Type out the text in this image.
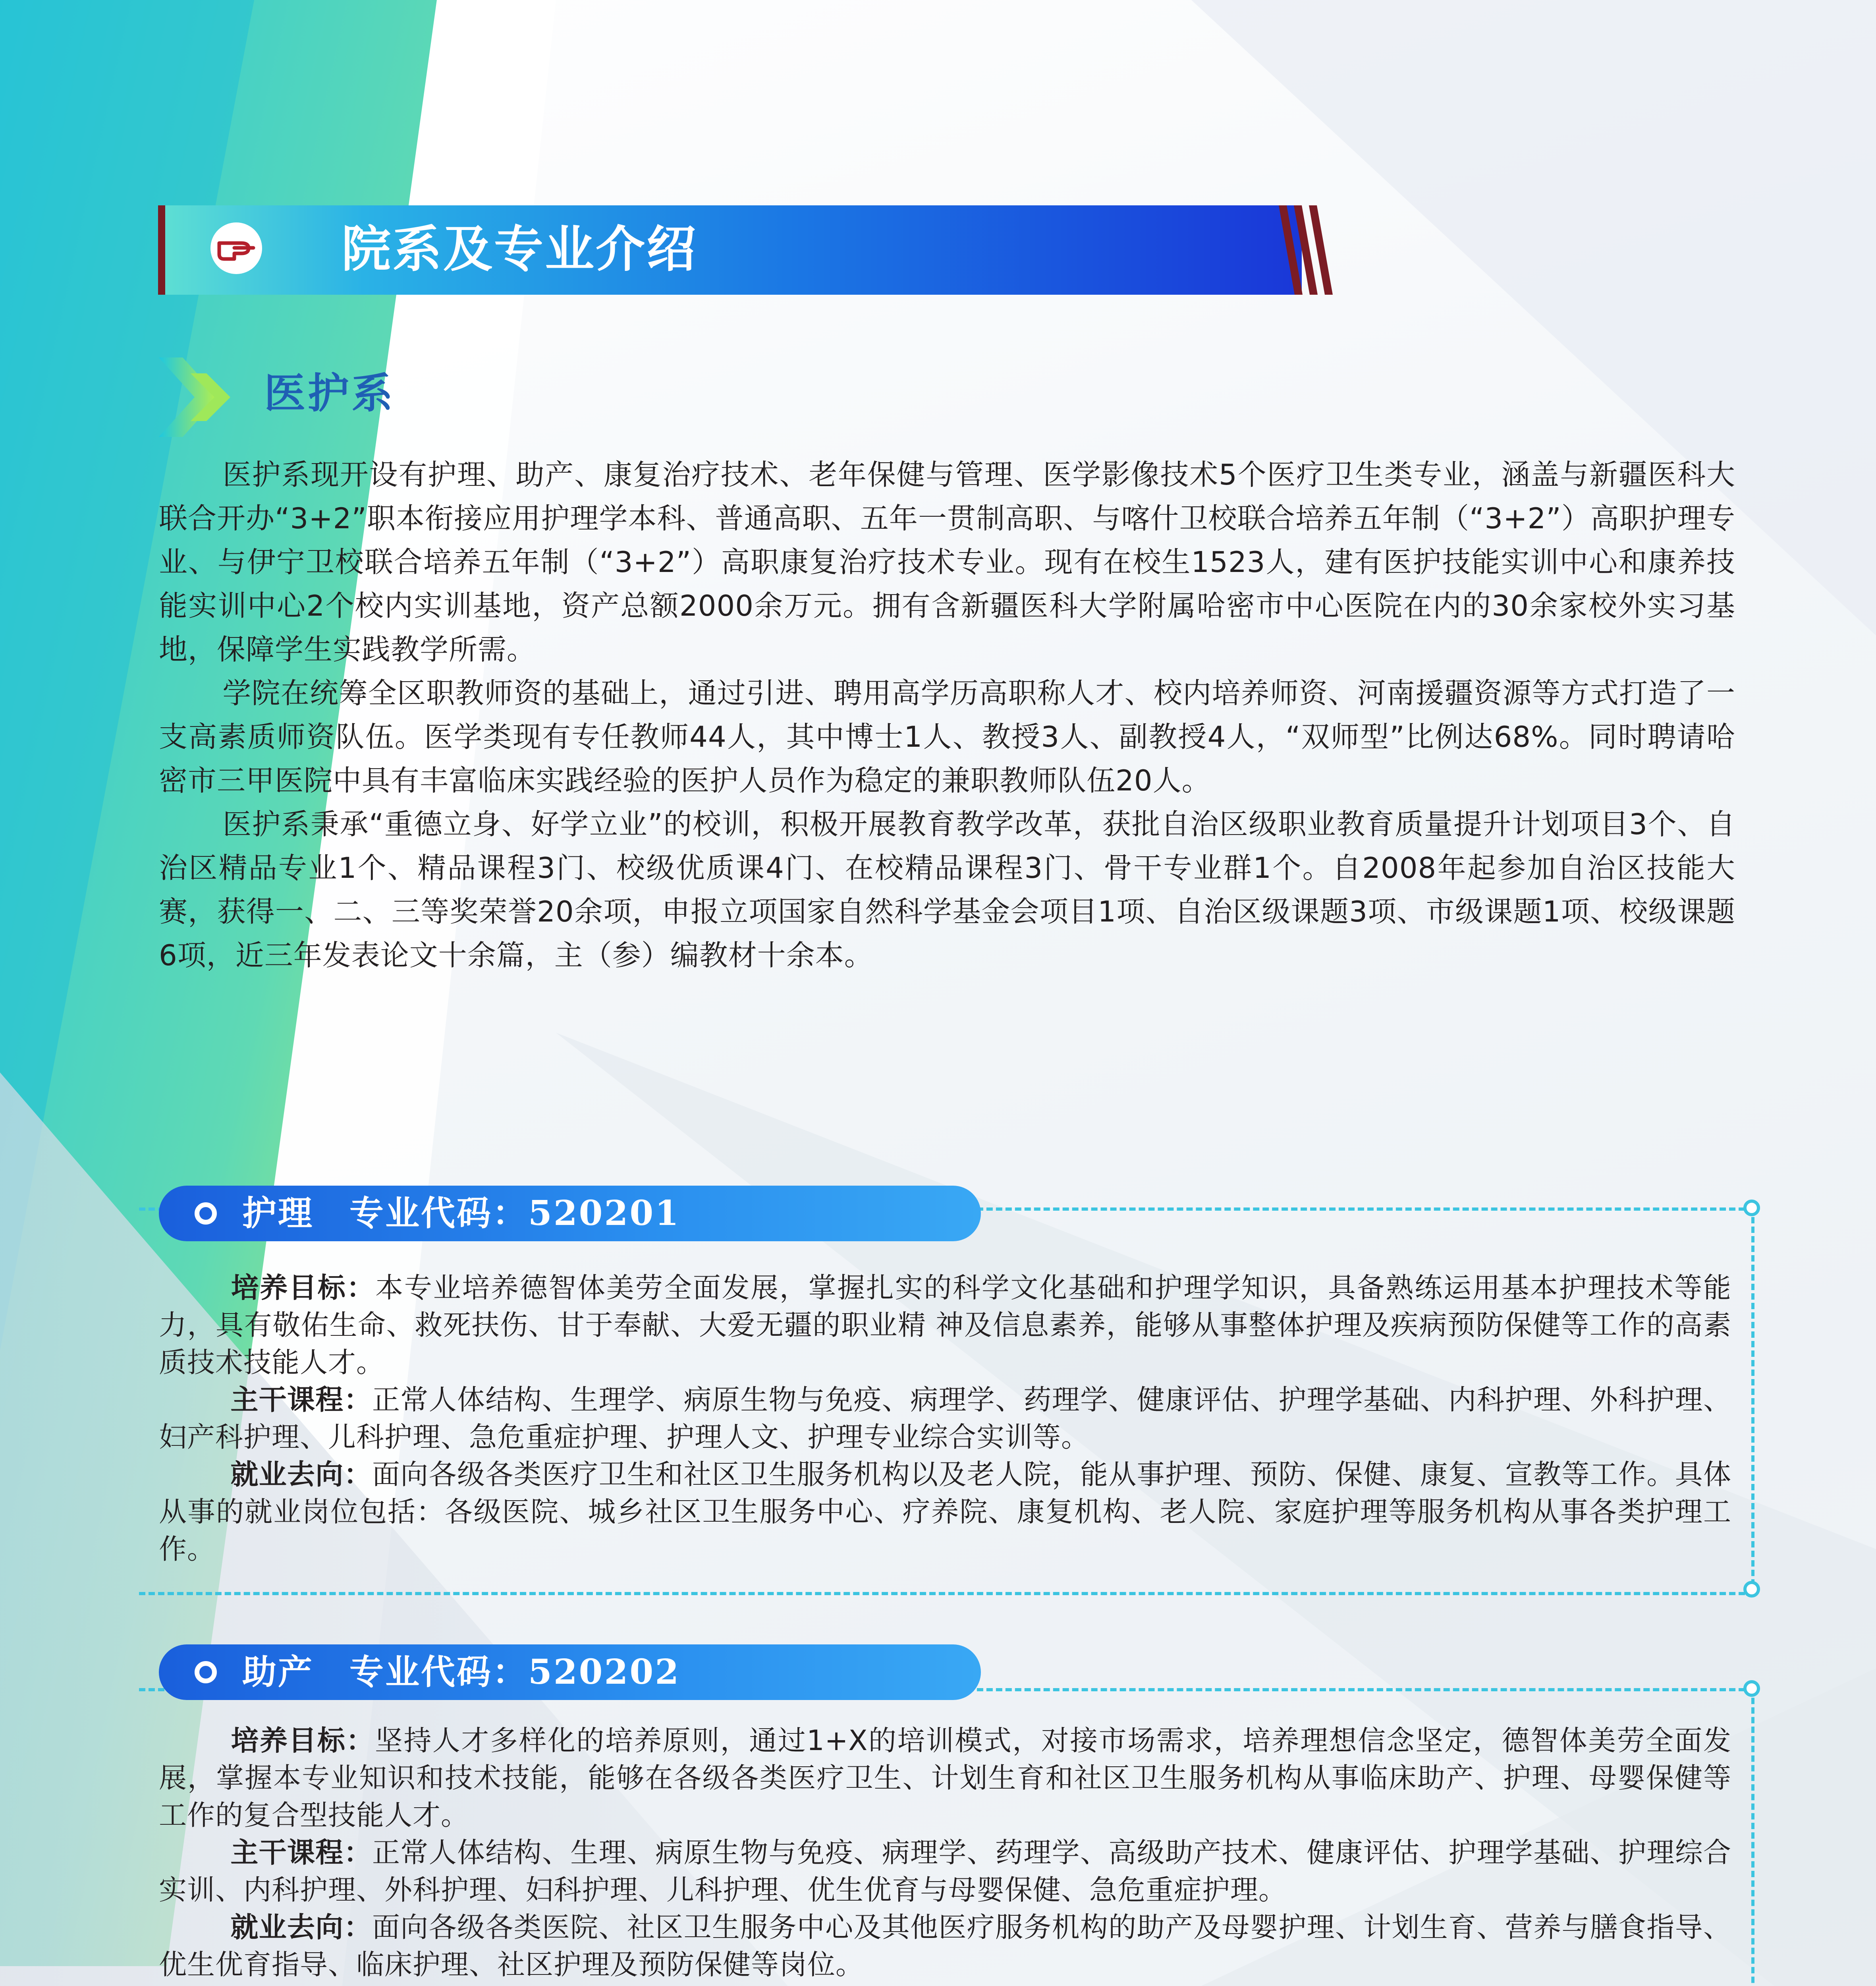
院系及专业介绍
医护系
医护系现开设有护理、助产、康复治疗技术、老年保健与管理、医学影像技术5个医疗卫生类专业，涵盖与新疆医科大联合开办“3+2”职本衔接应用护理学本科、普通高职、五年一贯制高职、与喀什卫校联合培养五年制（“3+2”）高职护理专业、与伊宁卫校联合培养五年制（“3+2”）高职康复治疗技术专业。现有在校生1523人，建有医护技能实训中心和康养技能实训中心2个校内实训基地，资产总额2000余万元。拥有含新疆医科大学附属哈密市中心医院在内的30余家校外实习基地，保障学生实践教学所需。
学院在统筹全区职教师资的基础上，通过引进、聘用高学历高职称人才、校内培养师资、河南援疆资源等方式打造了一支高素质师资队伍。医学类现有专任教师44人，其中博士1人、教授3人、副教授4人，“双师型”比例达68%。同时聘请哈密市三甲医院中具有丰富临床实践经验的医护人员作为稳定的兼职教师队伍20人。
医护系秉承“重德立身、好学立业”的校训，积极开展教育教学改革，获批自治区级职业教育质量提升计划项目3个、自治区精品专业1个、精品课程3门、校级优质课4门、在校精品课程3门、骨干专业群1个。自2008年起参加自治区技能大赛，获得一、二、三等奖荣誉20余项，申报立项国家自然科学基金会项目1项、自治区级课题3项、市级课题1项、校级课题6项，近三年发表论文十余篇，主（参）编教材十余本。
护理　专业代码：520201
培养目标：本专业培养德智体美劳全面发展，掌握扎实的科学文化基础和护理学知识，具备熟练运用基本护理技术等能力，具有敬佑生命、救死扶伤、甘于奉献、大爱无疆的职业精 神及信息素养，能够从事整体护理及疾病预防保健等工作的高素质技术技能人才。
主干课程：正常人体结构、生理学、病原生物与免疫、病理学、药理学、健康评估、护理学基础、内科护理、外科护理、妇产科护理、儿科护理、急危重症护理、护理人文、护理专业综合实训等。
就业去向：面向各级各类医疗卫生和社区卫生服务机构以及老人院，能从事护理、预防、保健、康复、宣教等工作。具体从事的就业岗位包括：各级医院、城乡社区卫生服务中心、疗养院、康复机构、老人院、家庭护理等服务机构从事各类护理工作。
助产　专业代码：520202
培养目标：坚持人才多样化的培养原则，通过1+X的培训模式，对接市场需求，培养理想信念坚定，德智体美劳全面发展，掌握本专业知识和技术技能，能够在各级各类医疗卫生、计划生育和社区卫生服务机构从事临床助产、护理、母婴保健等工作的复合型技能人才。
主干课程：正常人体结构、生理、病原生物与免疫、病理学、药理学、高级助产技术、健康评估、护理学基础、护理综合实训、内科护理、外科护理、妇科护理、儿科护理、优生优育与母婴保健、急危重症护理。
就业去向：面向各级各类医院、社区卫生服务中心及其他医疗服务机构的助产及母婴护理、计划生育、营养与膳食指导、优生优育指导、临床护理、社区护理及预防保健等岗位。
